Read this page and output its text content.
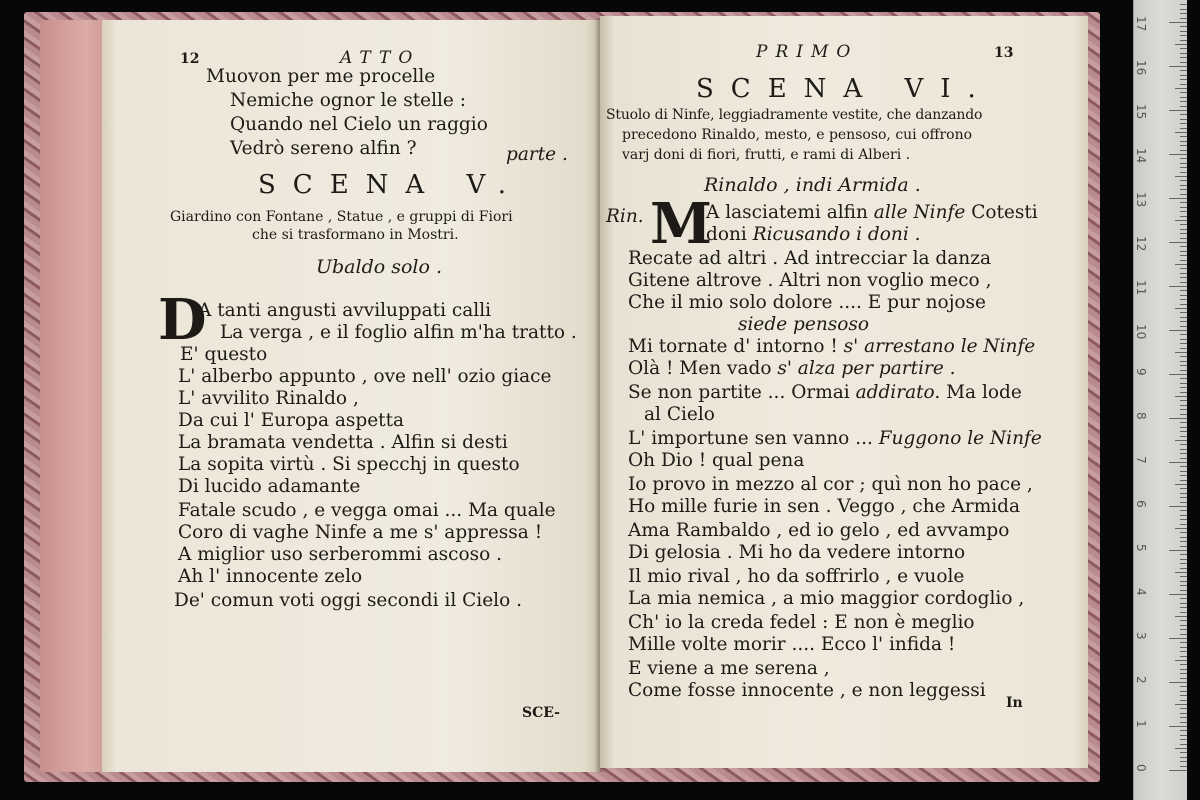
12	ATTO
Muovon per me procelle
Nemiche ognor le stelle :
Quando nel Cielo un raggio
Vedrò sereno alfin ?	parte .
SCENA V.
Giardino con Fontane , Statue , e gruppi di Fiori
che si trasformano in Mostri.
Ubaldo solo .
D
A tanti angusti avviluppati calli
La verga , e il foglio alfin m'ha tratto .
E' questo
L' alberbo appunto , ove nell' ozio giace
L' avvilito Rinaldo ,
Da cui l' Europa aspetta
La bramata vendetta . Alfin si desti
La sopita virtù . Si specchj in questo
Di lucido adamante
Fatale scudo , e vegga omai ... Ma quale
Coro di vaghe Ninfe a me s' appressa !
A miglior uso serberommi ascoso .
Ah l' innocente zelo
De' comun voti oggi secondi il Cielo .
SCE-
PRIMO	13
SCENA VI.
Stuolo di Ninfe, leggiadramente vestite, che danzando
precedono Rinaldo, mesto, e pensoso, cui offrono
varj doni di fiori, frutti, e rami di Alberi .
Rinaldo , indi Armida .
Rin. M
A lasciatemi alfin alle Ninfe Cotesti
doni Ricusando i doni .
Recate ad altri . Ad intrecciar la danza
Gitene altrove . Altri non voglio meco ,
Che il mio solo dolore .... E pur nojose
siede pensoso
Mi tornate d' intorno ! s' arrestano le Ninfe
Olà ! Men vado s' alza per partire .
Se non partite ... Ormai addirato. Ma lode
al Cielo
L' importune sen vanno ... Fuggono le Ninfe
Oh Dio ! qual pena
Io provo in mezzo al cor ; quì non ho pace ,
Ho mille furie in sen . Veggo , che Armida
Ama Rambaldo , ed io gelo , ed avvampo
Di gelosia . Mi ho da vedere intorno
Il mio rival , ho da soffrirlo , e vuole
La mia nemica , a mio maggior cordoglio ,
Ch' io la creda fedel : E non è meglio
Mille volte morir .... Ecco l' infida !
E viene a me serena ,
Come fosse innocente , e non leggessi
In
0
1
2
3
4
5
6
7
8
9
10
11
12
13
14
15
16
17
